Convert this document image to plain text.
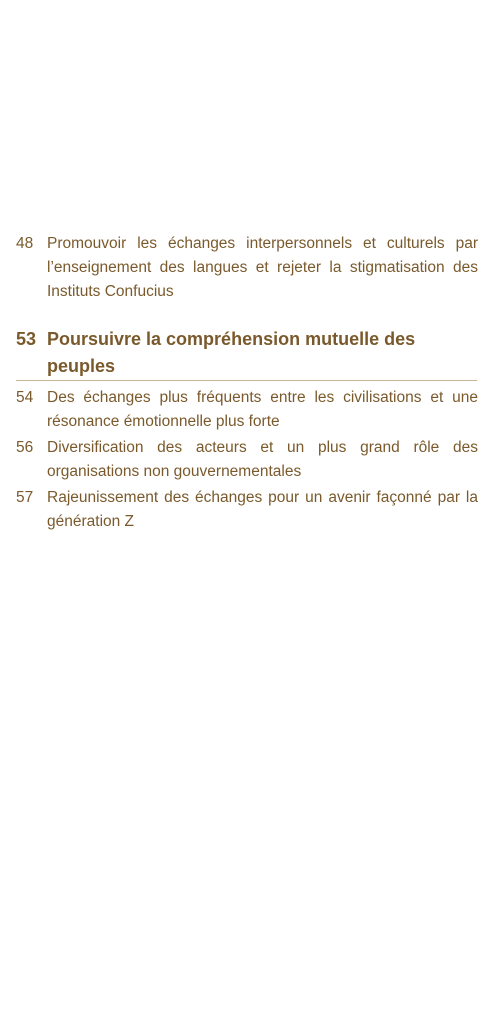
48 Promouvoir les échanges interpersonnels et culturels par l’enseignement des langues et rejeter la stigmatisation des Instituts Confucius
53 Poursuivre la compréhension mutuelle des peuples
54 Des échanges plus fréquents entre les civilisations et une résonance émotionnelle plus forte
56 Diversification des acteurs et un plus grand rôle des organisations non gouvernementales
57 Rajeunissement des échanges pour un avenir façonné par la génération Z
